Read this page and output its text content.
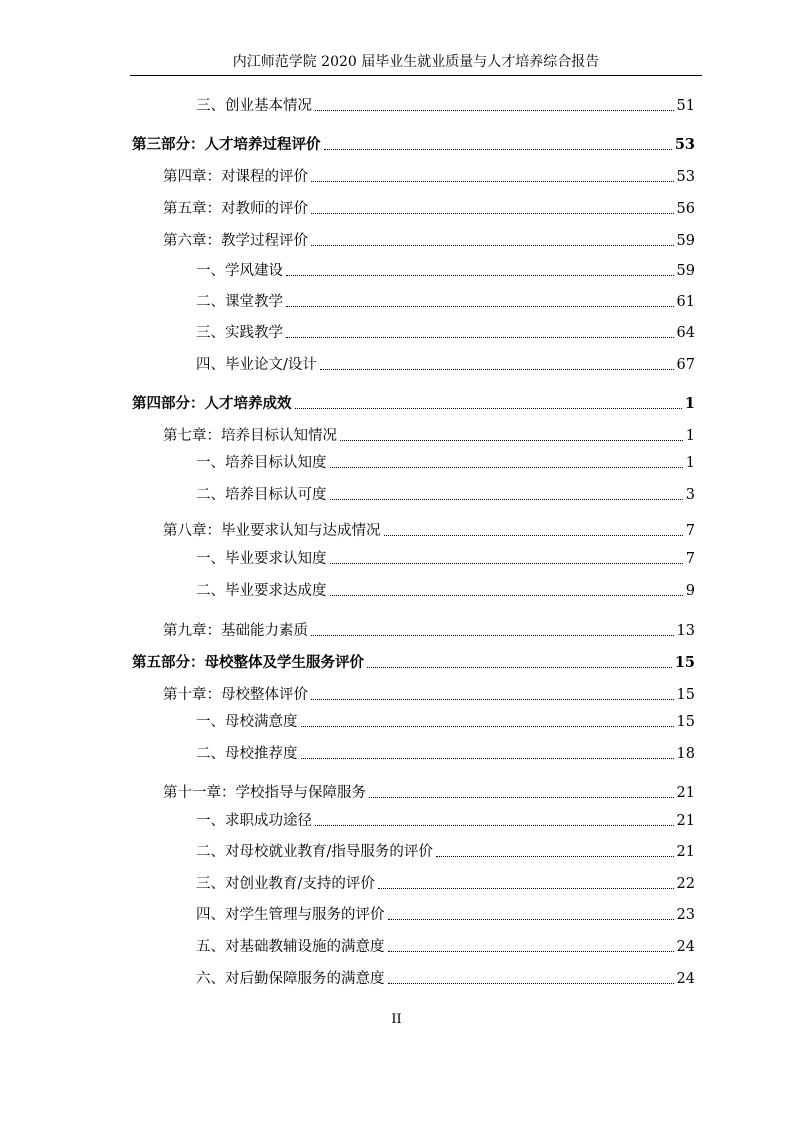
内江师范学院 2020 届毕业生就业质量与人才培养综合报告
三、创业基本情况	51
第三部分：人才培养过程评价	53
第四章：对课程的评价	53
第五章：对教师的评价	56
第六章：教学过程评价	59
一、学风建设	59
二、课堂教学	61
三、实践教学	64
四、毕业论文/设计	67
第四部分：人才培养成效	1
第七章：培养目标认知情况	1
一、培养目标认知度	1
二、培养目标认可度	3
第八章：毕业要求认知与达成情况	7
一、毕业要求认知度	7
二、毕业要求达成度	9
第九章：基础能力素质	13
第五部分：母校整体及学生服务评价	15
第十章：母校整体评价	15
一、母校满意度	15
二、母校推荐度	18
第十一章：学校指导与保障服务	21
一、求职成功途径	21
二、对母校就业教育/指导服务的评价	21
三、对创业教育/支持的评价	22
四、对学生管理与服务的评价	23
五、对基础教辅设施的满意度	24
六、对后勤保障服务的满意度	24
II
